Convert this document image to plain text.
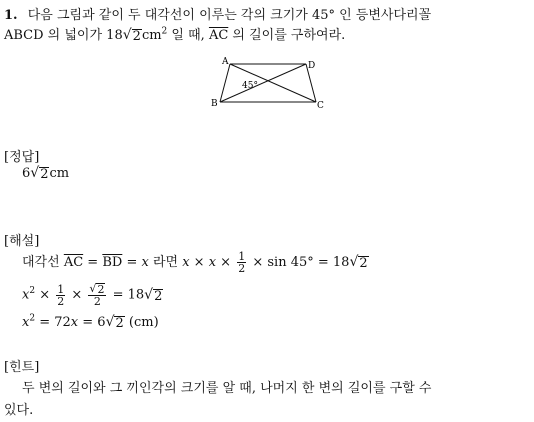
1. 다음 그림과 같이 두 대각선이 이루는 각의 크기가 45° 인 등변사다리꼴
ABCD 의 넓이가 18 √ 2 $cm^2$ 일 때, $\overline{AC}$ 의 길이를 구하여라.
A	D
B	C
45°
[정답]
6 √ 2 cm
[해설]
대각선 $\overline{AC} = \overline{BD} = x$ 라면 $x \times x \times \frac{1}{2} \times \sin 45^\circ = 18$ √ 2
$x^2 \times \frac{1}{2} \times \frac{√ 2}{2} = 18$ √ 2
$x^2 = 72x = 6$ √ 2 (cm)
[힌트]
두 변의 길이와 그 끼인각의 크기를 알 때, 나머지 한 변의 길이를 구할 수
있다.
